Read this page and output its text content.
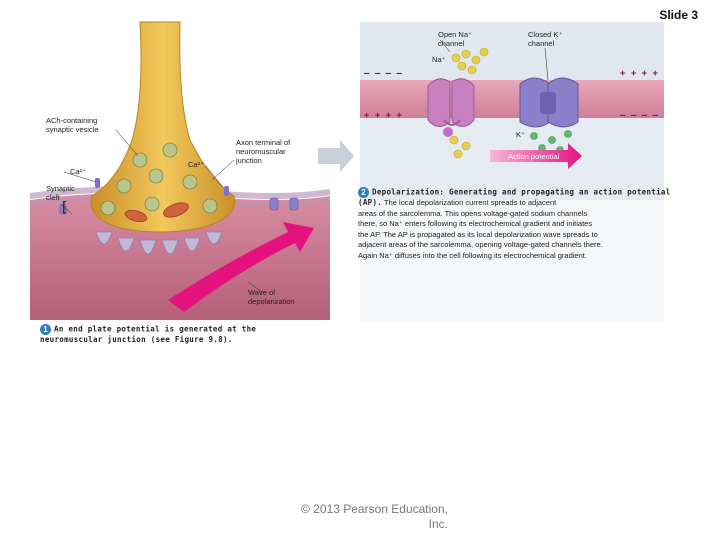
Slide 3
[
Open Na⁺
channel
Closed K⁺
channel
Na⁺
K⁺
Action potential
+ + + +
+ + + +
– – – –
– – – –
ACh-containing
synaptic vesicle
Ca²⁺
Ca²⁺
Axon terminal of
neuromuscular
junction
Synaptic
cleft
Wave of
depolarization
2 Depolarization: Generating and propagating an action potential (AP). The local depolarization current spreads to adjacent
areas of the sarcolemma. This opens voltage-gated sodium channels
there, so Na⁺ enters following its electrochemical gradient and initiates
the AP. The AP is propagated as its local depolarization wave spreads to
adjacent areas of the sarcolemma, opening voltage-gated channels there.
Again Na⁺ diffuses into the cell following its electrochemical gradient.
1 An end plate potential is generated at the
neuromuscular junction (see Figure 9.8).
© 2013 Pearson Education,
Inc.
